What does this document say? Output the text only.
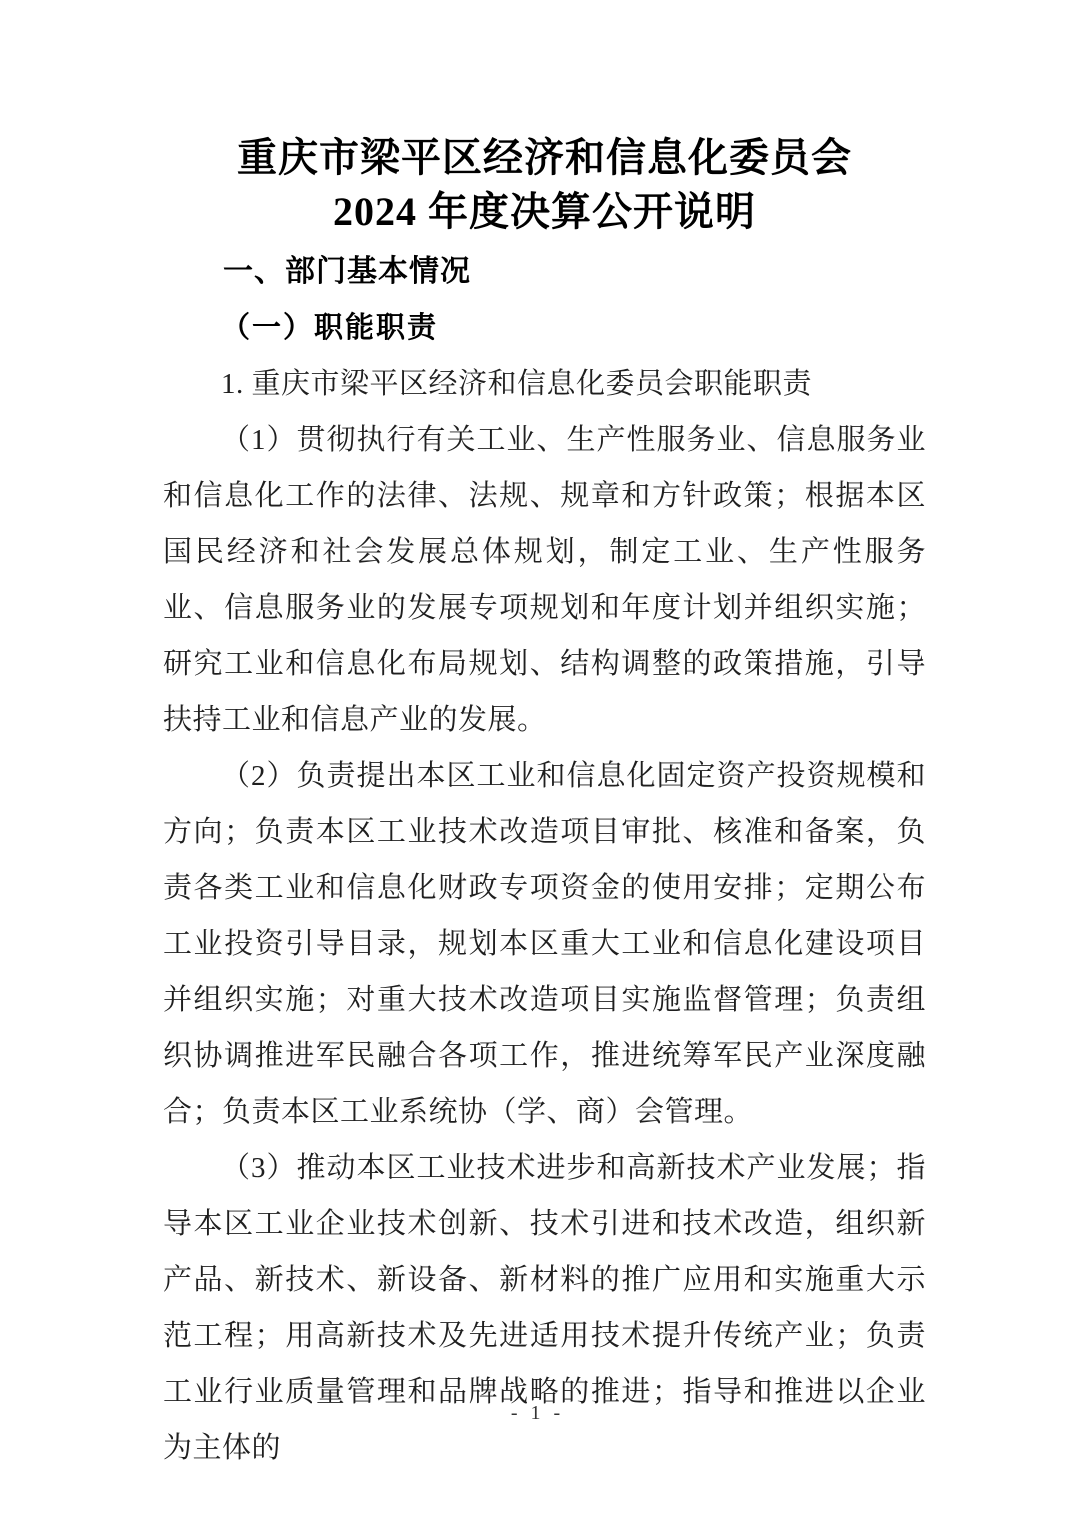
重庆市梁平区经济和信息化委员会
2024 年度决算公开说明
一、部门基本情况
（一）职能职责

1. 重庆市梁平区经济和信息化委员会职能职责

（1）贯彻执行有关工业、生产性服务业、信息服务业和信息化工作的法律、法规、规章和方针政策；根据本区国民经济和社会发展总体规划，制定工业、生产性服务业、信息服务业的发展专项规划和年度计划并组织实施；研究工业和信息化布局规划、结构调整的政策措施，引导扶持工业和信息产业的发展。

（2）负责提出本区工业和信息化固定资产投资规模和方向；负责本区工业技术改造项目审批、核准和备案，负责各类工业和信息化财政专项资金的使用安排；定期公布工业投资引导目录，规划本区重大工业和信息化建设项目并组织实施；对重大技术改造项目实施监督管理；负责组织协调推进军民融合各项工作，推进统筹军民产业深度融合；负责本区工业系统协（学、商）会管理。

（3）推动本区工业技术进步和高新技术产业发展；指导本区工业企业技术创新、技术引进和技术改造，组织新产品、新技术、新设备、新材料的推广应用和实施重大示范工程；用高新技术及先进适用技术提升传统产业；负责工业行业质量管理和品牌战略的推进；指导和推进以企业为主体的

- 1 -
